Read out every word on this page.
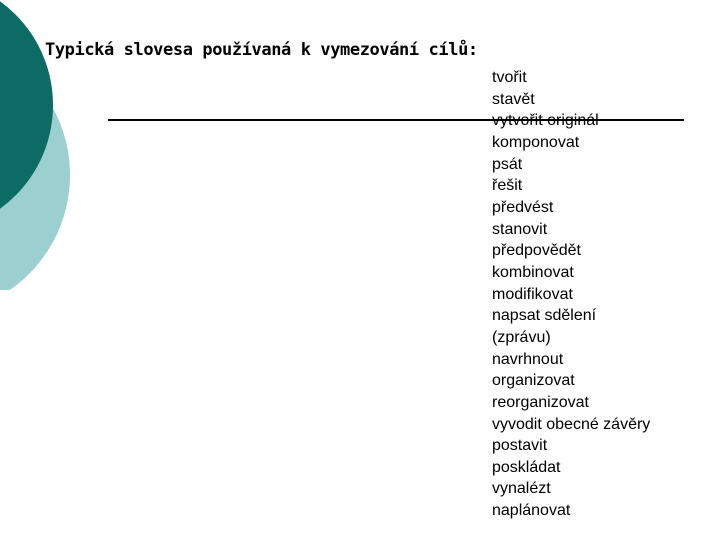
Typická slovesa používaná k vymezování cílů:
tvořit
stavět
vytvořit originál
komponovat
psát
řešit
předvést
stanovit
předpovědět
kombinovat
modifikovat
napsat sdělení
(zprávu)
navrhnout
organizovat
reorganizovat
vyvodit obecné závěry
postavit
poskládat
vynalézt
naplánovat
